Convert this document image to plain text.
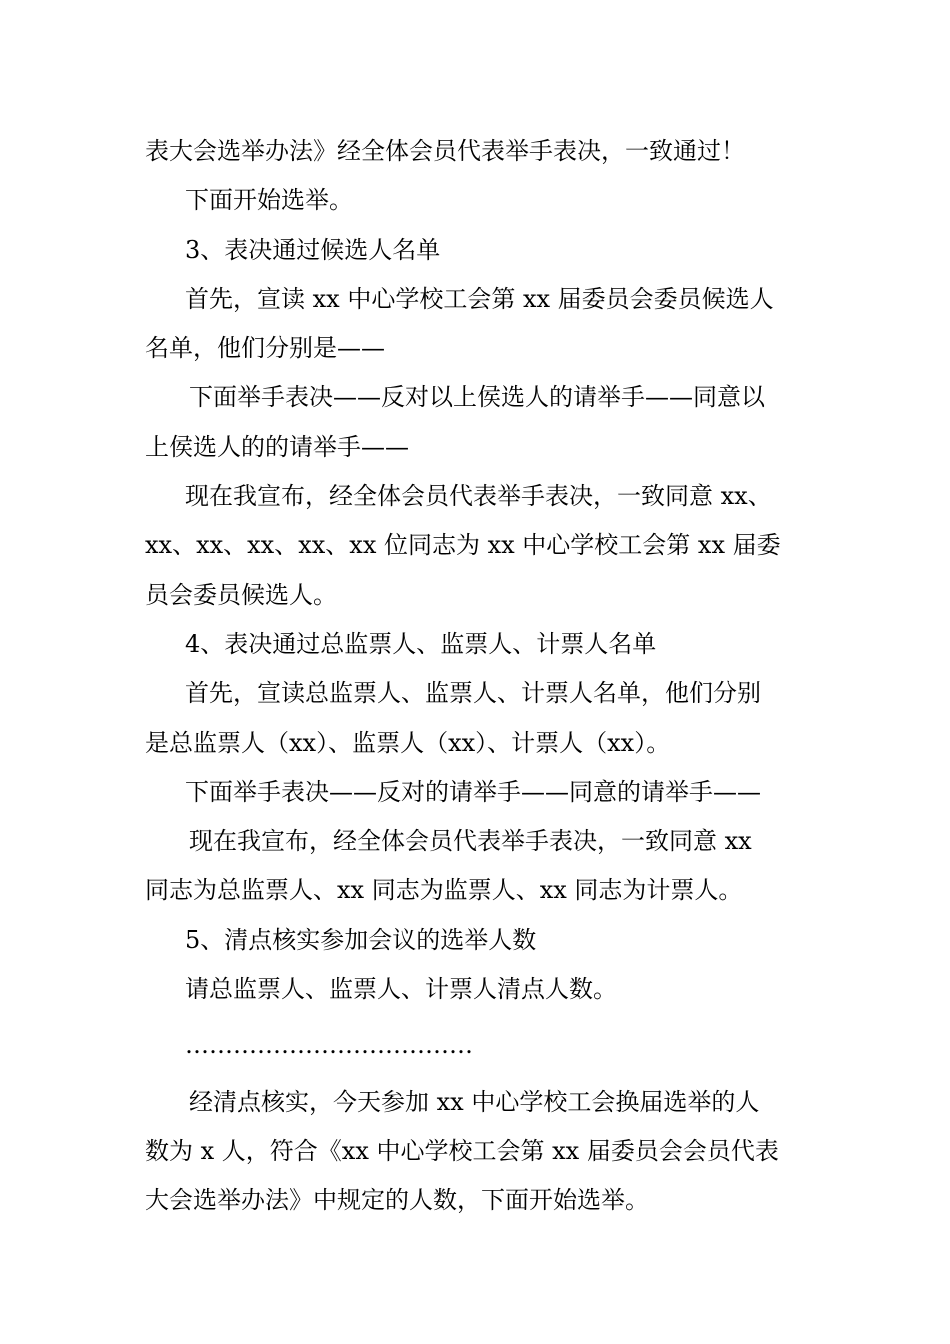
表大会选举办法》经全体会员代表举手表决，一致通过！

下面开始选举。

3、表决通过候选人名单

首先，宣读 xx 中心学校工会第 xx 届委员会委员候选人

名单，他们分别是——

下面举手表决——反对以上侯选人的请举手——同意以

上侯选人的的请举手——

现在我宣布，经全体会员代表举手表决，一致同意 xx、

xx、xx、xx、xx、xx 位同志为 xx 中心学校工会第 xx 届委

员会委员候选人。

4、表决通过总监票人、监票人、计票人名单

首先，宣读总监票人、监票人、计票人名单，他们分别

是总监票人（xx）、监票人（xx）、计票人（xx）。

下面举手表决——反对的请举手——同意的请举手——

现在我宣布，经全体会员代表举手表决，一致同意 xx

同志为总监票人、xx 同志为监票人、xx 同志为计票人。

5、清点核实参加会议的选举人数

请总监票人、监票人、计票人清点人数。

………………………………

经清点核实，今天参加 xx 中心学校工会换届选举的人

数为 x 人，符合《xx 中心学校工会第 xx 届委员会会员代表

大会选举办法》中规定的人数，下面开始选举。
